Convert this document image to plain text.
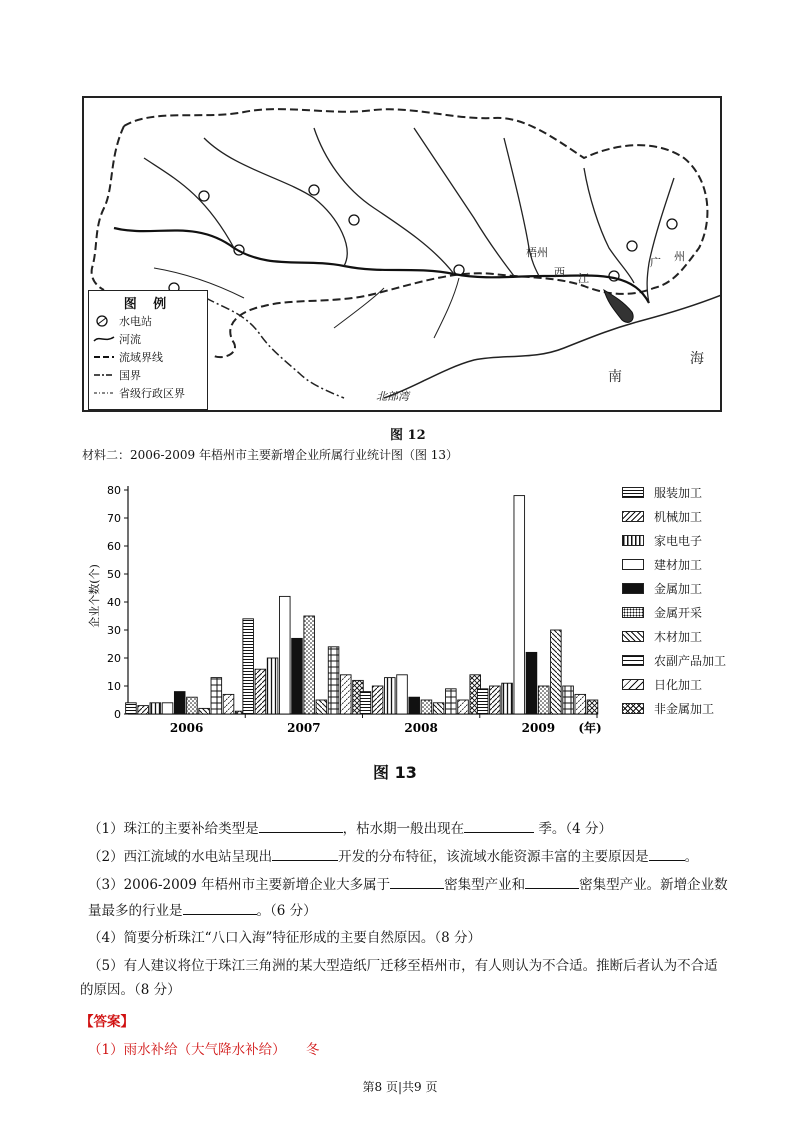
梧州
西 江
广 州
南
海
北部湾
图 例
水电站
河流
流域界线
国界
省级行政区界
图 12
材料二：2006-2009 年梧州市主要新增企业所属行业统计图（图 13）
企业个数(个)
0
10
20
30
40
50
60
70
80
2006	2007	2008	2009 (年)
服装加工
机械加工
家电电子
建材加工
金属加工
金属开采
木材加工
农副产品加工
日化加工
非金属加工
图 13
（1）珠江的主要补给类型是	，枯水期一般出现在	季。（4 分）
（2）西江流域的水电站呈现出	开发的分布特征，该流域水能资源丰富的主要原因是	。
（3）2006-2009 年梧州市主要新增企业大多属于	密集型产业和	密集型产业。新增企业数
量最多的行业是	。（6 分）
（4）简要分析珠江“八口入海”特征形成的主要自然原因。（8 分）
（5）有人建议将位于珠江三角洲的某大型造纸厂迁移至梧州市，有人则认为不合适。推断后者认为不合适
的原因。（8 分）
【答案】
（1）雨水补给（大气降水补给）　　冬
第8 页|共9 页
